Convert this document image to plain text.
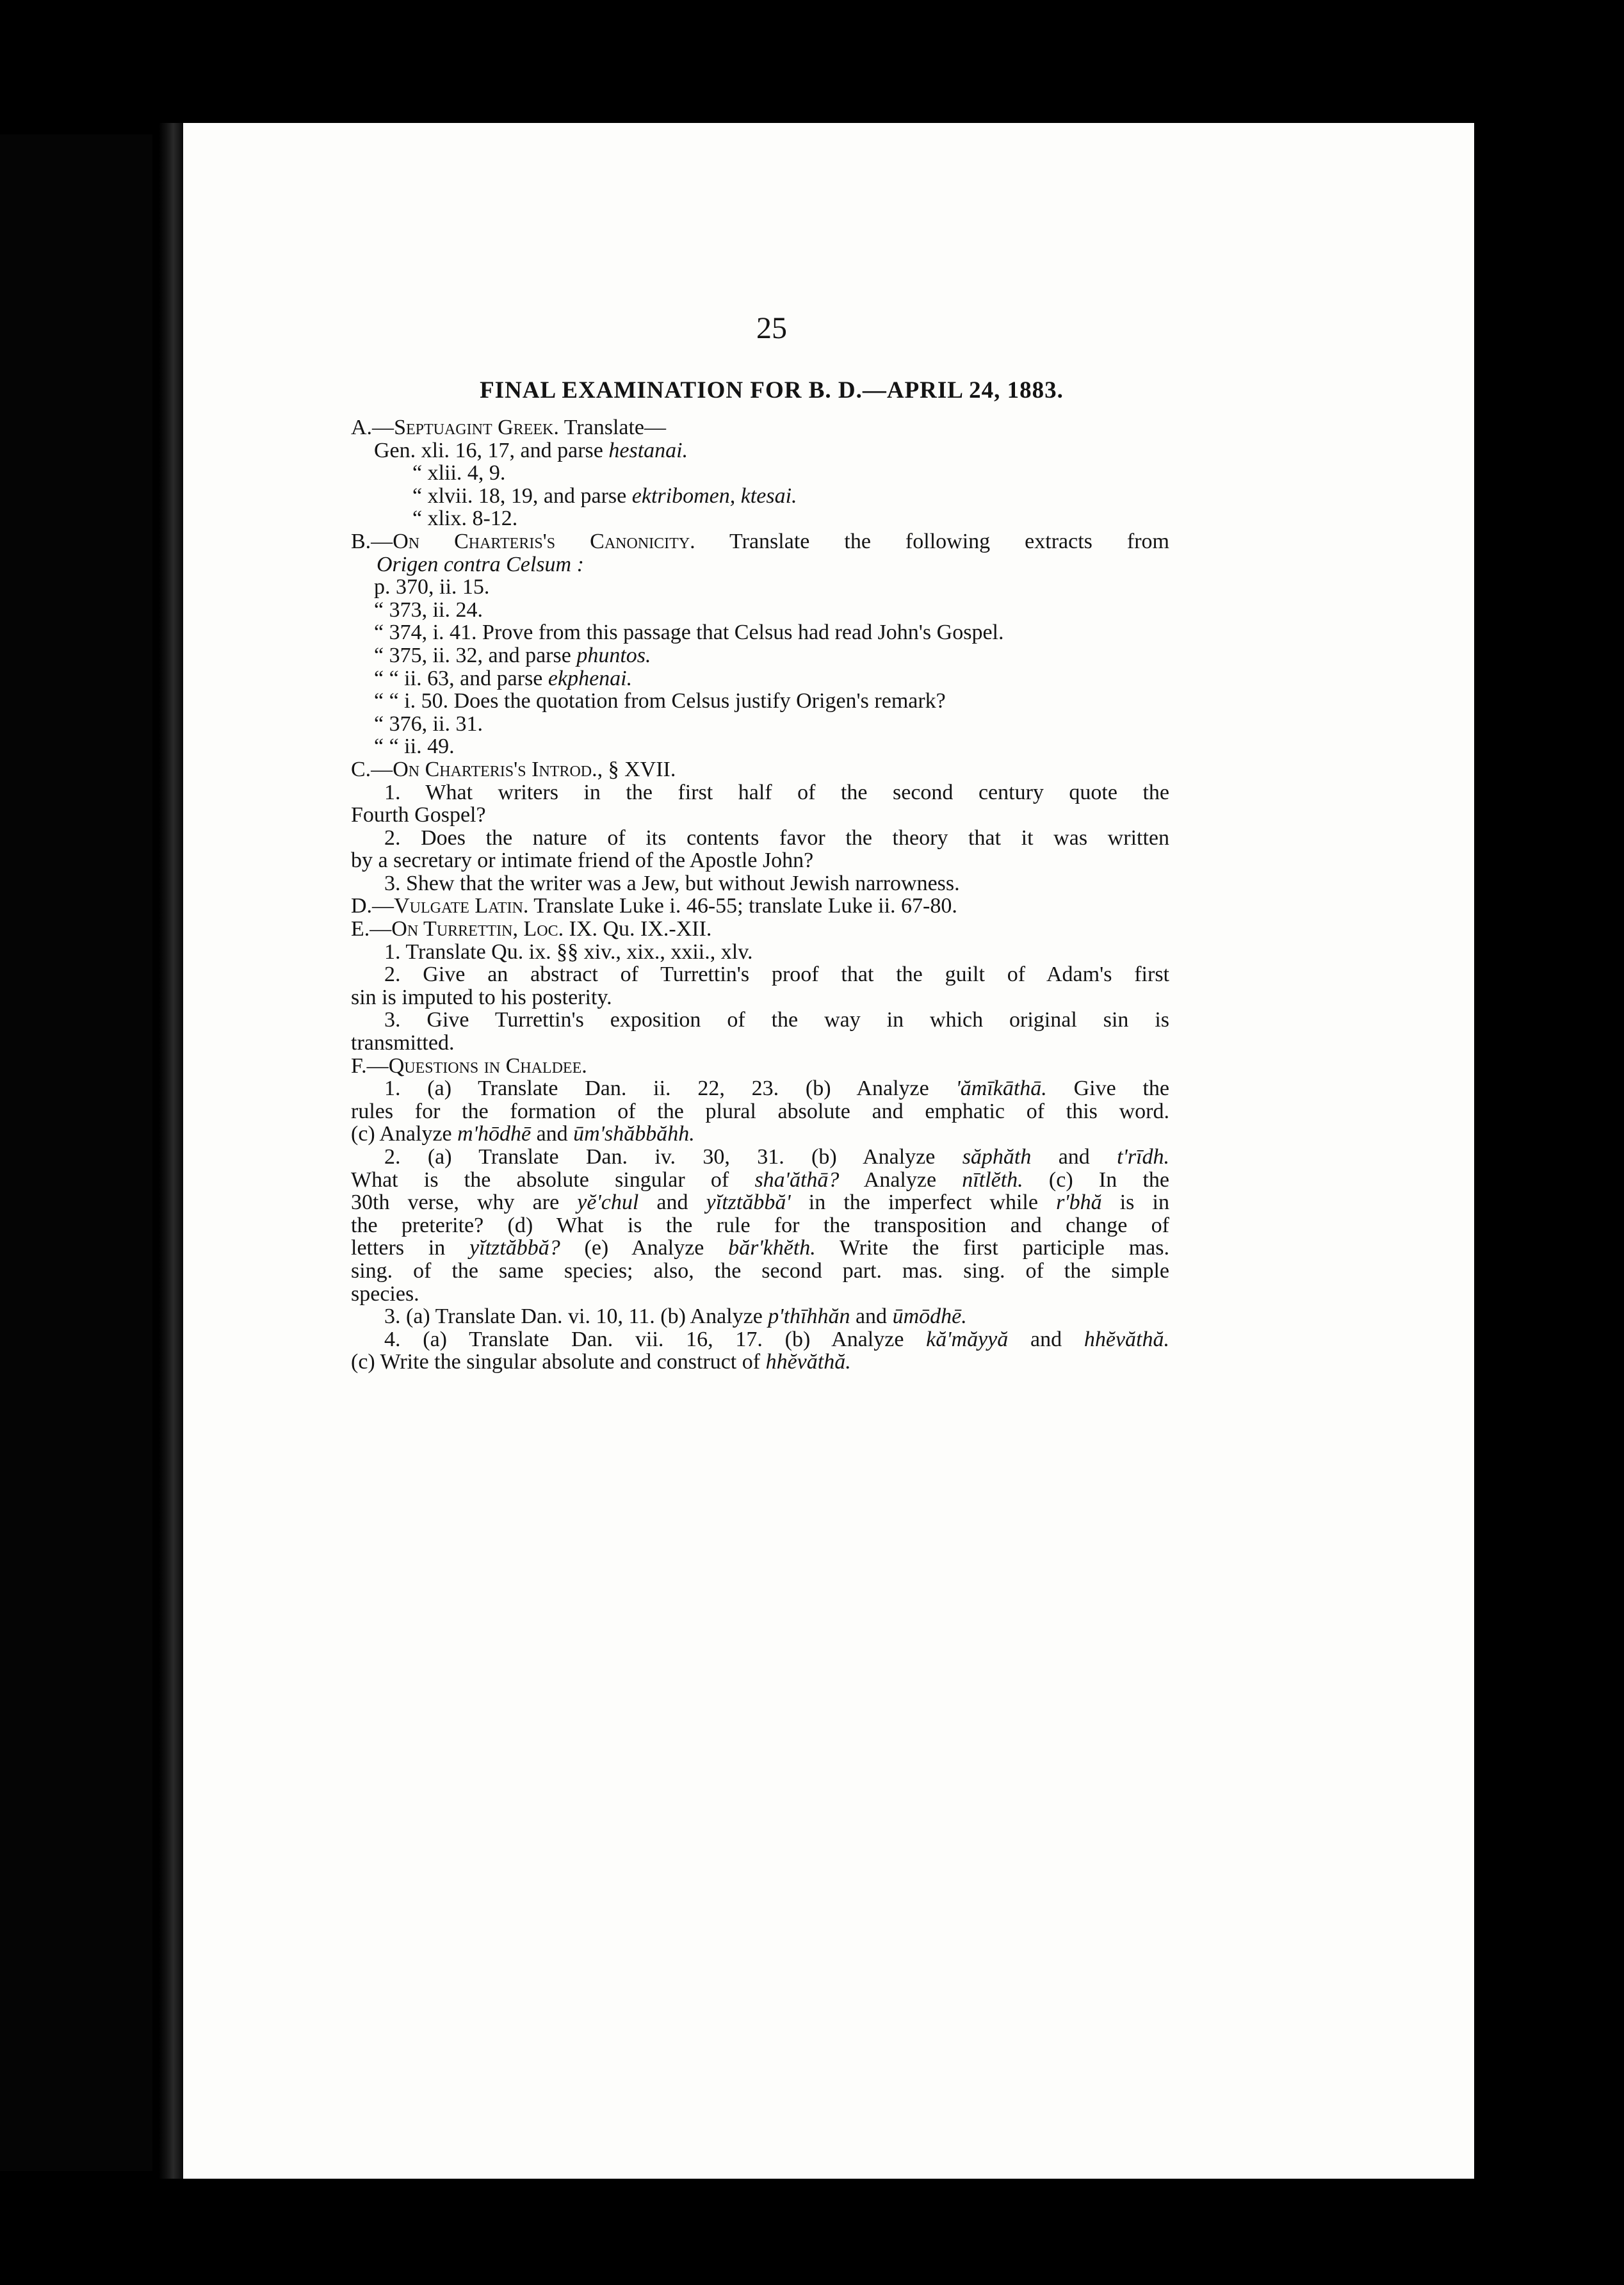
25
FINAL EXAMINATION FOR B. D.—APRIL 24, 1883.

A.—Septuagint Greek. Translate—

Gen. xli. 16, 17, and parse hestanai.

“ xlii. 4, 9.

“ xlvii. 18, 19, and parse ektribomen, ktesai.

“ xlix. 8-12.

B.—On Charteris's Canonicity. Translate the following extracts from

Origen contra Celsum :

p. 370, ii. 15.

“ 373, ii. 24.

“ 374, i. 41. Prove from this passage that Celsus had read John's Gospel.

“ 375, ii. 32, and parse phuntos.

“ “ ii. 63, and parse ekphenai.

“ “ i. 50. Does the quotation from Celsus justify Origen's remark?

“ 376, ii. 31.

“ “ ii. 49.

C.—On Charteris's Introd., § XVII.

1. What writers in the first half of the second century quote the

Fourth Gospel?

2. Does the nature of its contents favor the theory that it was written

by a secretary or intimate friend of the Apostle John?

3. Shew that the writer was a Jew, but without Jewish narrowness.

D.—Vulgate Latin. Translate Luke i. 46-55; translate Luke ii. 67-80.

E.—On Turrettin, Loc. IX. Qu. IX.-XII.

1. Translate Qu. ix. §§ xiv., xix., xxii., xlv.

2. Give an abstract of Turrettin's proof that the guilt of Adam's first

sin is imputed to his posterity.

3. Give Turrettin's exposition of the way in which original sin is

transmitted.

F.—Questions in Chaldee.

1. (a) Translate Dan. ii. 22, 23. (b) Analyze 'ămīkāthā. Give the

rules for the formation of the plural absolute and emphatic of this word.

(c) Analyze m'hōdhē and ūm'shăbbăhh.

2. (a) Translate Dan. iv. 30, 31. (b) Analyze săphăth and t'rīdh.

What is the absolute singular of sha'ăthā? Analyze nītlĕth. (c) In the

30th verse, why are yĕ'chul and yĭtztăbbă' in the imperfect while r'bhă is in

the preterite? (d) What is the rule for the transposition and change of

letters in yĭtztăbbă? (e) Analyze băr'khĕth. Write the first participle mas.

sing. of the same species; also, the second part. mas. sing. of the simple

species.

3. (a) Translate Dan. vi. 10, 11. (b) Analyze p'thīhhăn and ūmōdhē.

4. (a) Translate Dan. vii. 16, 17. (b) Analyze kă'măyyă and hhĕvăthă.

(c) Write the singular absolute and construct of hhĕvăthă.
